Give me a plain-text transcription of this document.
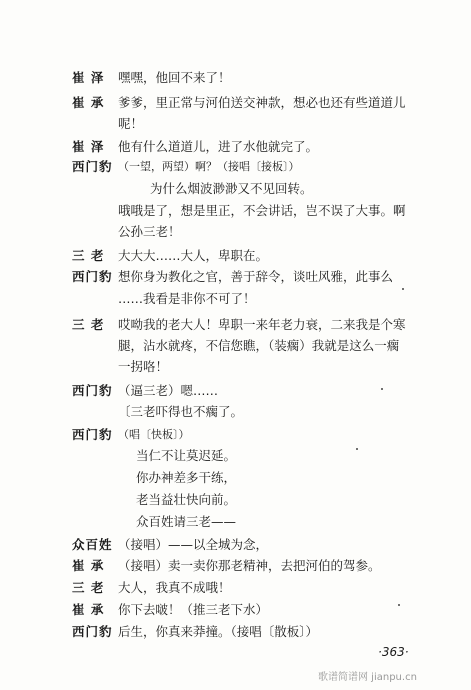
崔 泽 嘿嘿，他回不来了！
崔 承 爹爹，里正常与河伯送交神款，想必也还有些道道儿
呢！
崔 泽 他有什么道道儿，进了水他就完了。
西门豹 （一望，两望）啊？（接唱〔接板〕）
为什么烟波渺渺又不见回转。
哦哦是了，想是里正，不会讲话，岂不误了大事。啊
公孙三老！
三 老 大大大……大人，卑职在。
西门豹 想你身为教化之官，善于辞令，谈吐风雅，此事么
……我看是非你不可了！
三 老 哎呦我的老大人！卑职一来年老力衰，二来我是个寒
腿，沾水就疼，不信您瞧，（装瘸）我就是这么一瘸
一拐咯！
西门豹 （逼三老）嗯……
〔三老吓得也不瘸了。
西门豹 （唱〔快板〕）
当仁不让莫迟延。
你办神差多干练，
老当益壮快向前。
众百姓请三老——
众百姓 （接唱）——以全城为念，
崔 承 （接唱）卖一卖你那老精神，去把河伯的驾参。
三 老 大人，我真不成哦！
崔 承 你下去啵！（推三老下水）
西门豹 后生，你真来莽撞。（接唱〔散板〕）
·363·
歌谱简谱网 jianpu.cn
